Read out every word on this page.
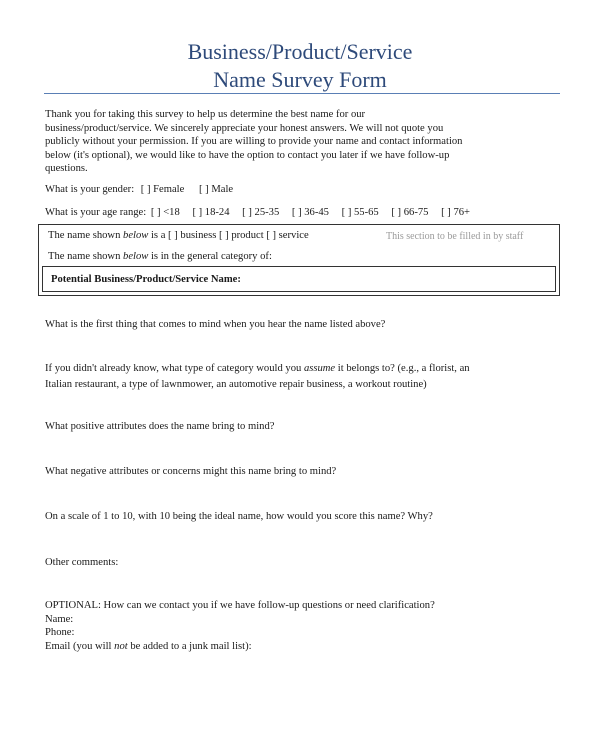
Business/Product/Service
Name Survey Form
Thank you for taking this survey to help us determine the best name for our
business/product/service. We sincerely appreciate your honest answers. We will not quote you
publicly without your permission. If you are willing to provide your name and contact information
below (it's optional), we would like to have the option to contact you later if we have follow-up
questions.
What is your gender: [ ] Female [ ] Male
What is your age range: [ ] <18 [ ] 18-24 [ ] 25-35 [ ] 36-45 [ ] 55-65 [ ] 66-75 [ ] 76+
The name shown below is a [ ] business [ ] product [ ] service	This section to be filled in by staff
The name shown below is in the general category of:
Potential Business/Product/Service Name:
What is the first thing that comes to mind when you hear the name listed above?
If you didn't already know, what type of category would you assume it belongs to? (e.g., a florist, an
Italian restaurant, a type of lawnmower, an automotive repair business, a workout routine)
What positive attributes does the name bring to mind?
What negative attributes or concerns might this name bring to mind?
On a scale of 1 to 10, with 10 being the ideal name, how would you score this name? Why?
Other comments:
OPTIONAL: How can we contact you if we have follow-up questions or need clarification?
Name:
Phone:
Email (you will not be added to a junk mail list):
